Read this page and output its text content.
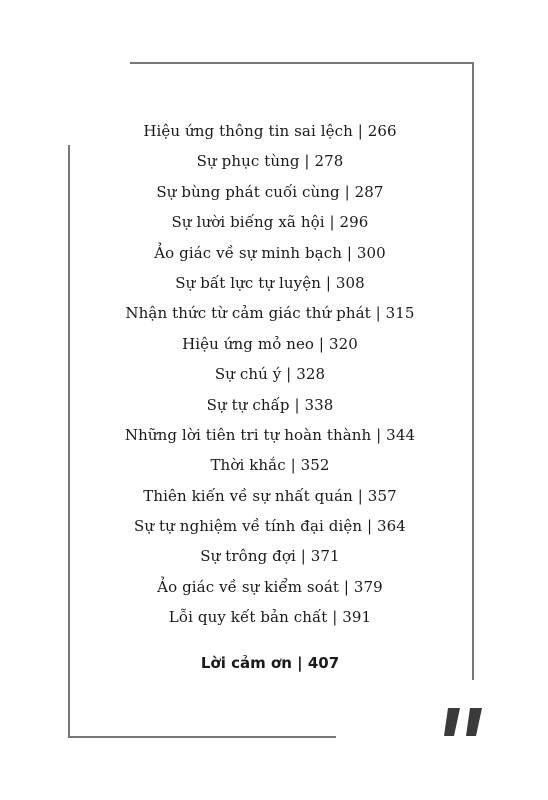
Hiệu ứng thông tin sai lệch | 266
Sự phục tùng | 278
Sự bùng phát cuối cùng | 287
Sự lười biếng xã hội | 296
Ảo giác về sự minh bạch | 300
Sự bất lực tự luyện | 308
Nhận thức từ cảm giác thứ phát | 315
Hiệu ứng mỏ neo | 320
Sự chú ý | 328
Sự tự chấp | 338
Những lời tiên tri tự hoàn thành | 344
Thời khắc | 352
Thiên kiến về sự nhất quán | 357
Sự tự nghiệm về tính đại diện | 364
Sự trông đợi | 371
Ảo giác về sự kiểm soát | 379
Lỗi quy kết bản chất | 391
Lời cảm ơn | 407
